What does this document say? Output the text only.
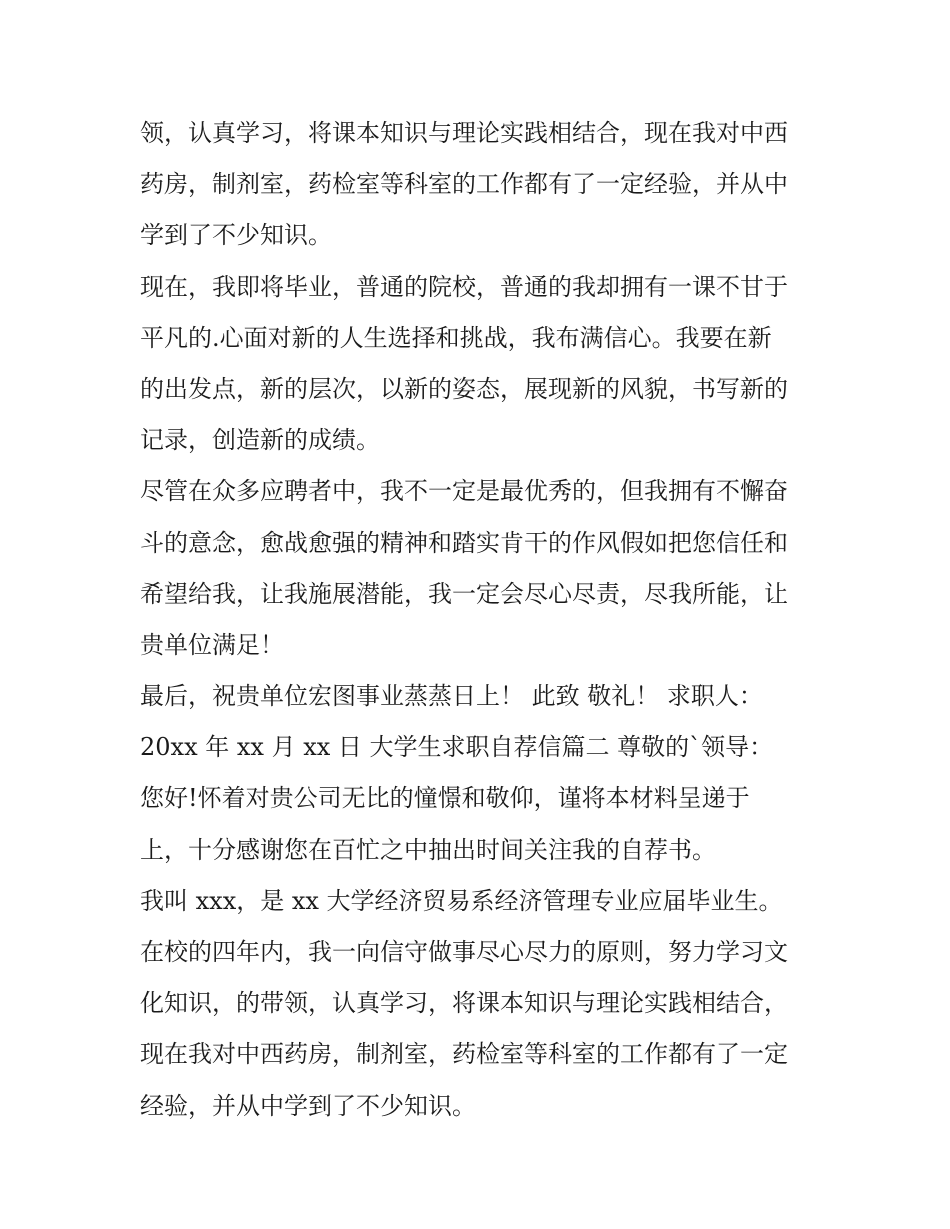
领，认真学习，将课本知识与理论实践相结合，现在我对中西
药房，制剂室，药检室等科室的工作都有了一定经验，并从中
学到了不少知识。
现在，我即将毕业，普通的院校，普通的我却拥有一课不甘于
平凡的.心面对新的人生选择和挑战，我布满信心。我要在新
的出发点，新的层次，以新的姿态，展现新的风貌，书写新的
记录，创造新的成绩。
尽管在众多应聘者中，我不一定是最优秀的，但我拥有不懈奋
斗的意念，愈战愈强的精神和踏实肯干的作风假如把您信任和
希望给我，让我施展潜能，我一定会尽心尽责，尽我所能，让
贵单位满足！
最后，祝贵单位宏图事业蒸蒸日上！ 此致 敬礼！ 求职人：
20xx 年 xx 月 xx 日 大学生求职自荐信篇二 尊敬的`领导：
您好!怀着对贵公司无比的憧憬和敬仰，谨将本材料呈递于
上，十分感谢您在百忙之中抽出时间关注我的自荐书。
我叫 xxx，是 xx 大学经济贸易系经济管理专业应届毕业生。
在校的四年内，我一向信守做事尽心尽力的原则，努力学习文
化知识，的带领，认真学习，将课本知识与理论实践相结合，
现在我对中西药房，制剂室，药检室等科室的工作都有了一定
经验，并从中学到了不少知识。
